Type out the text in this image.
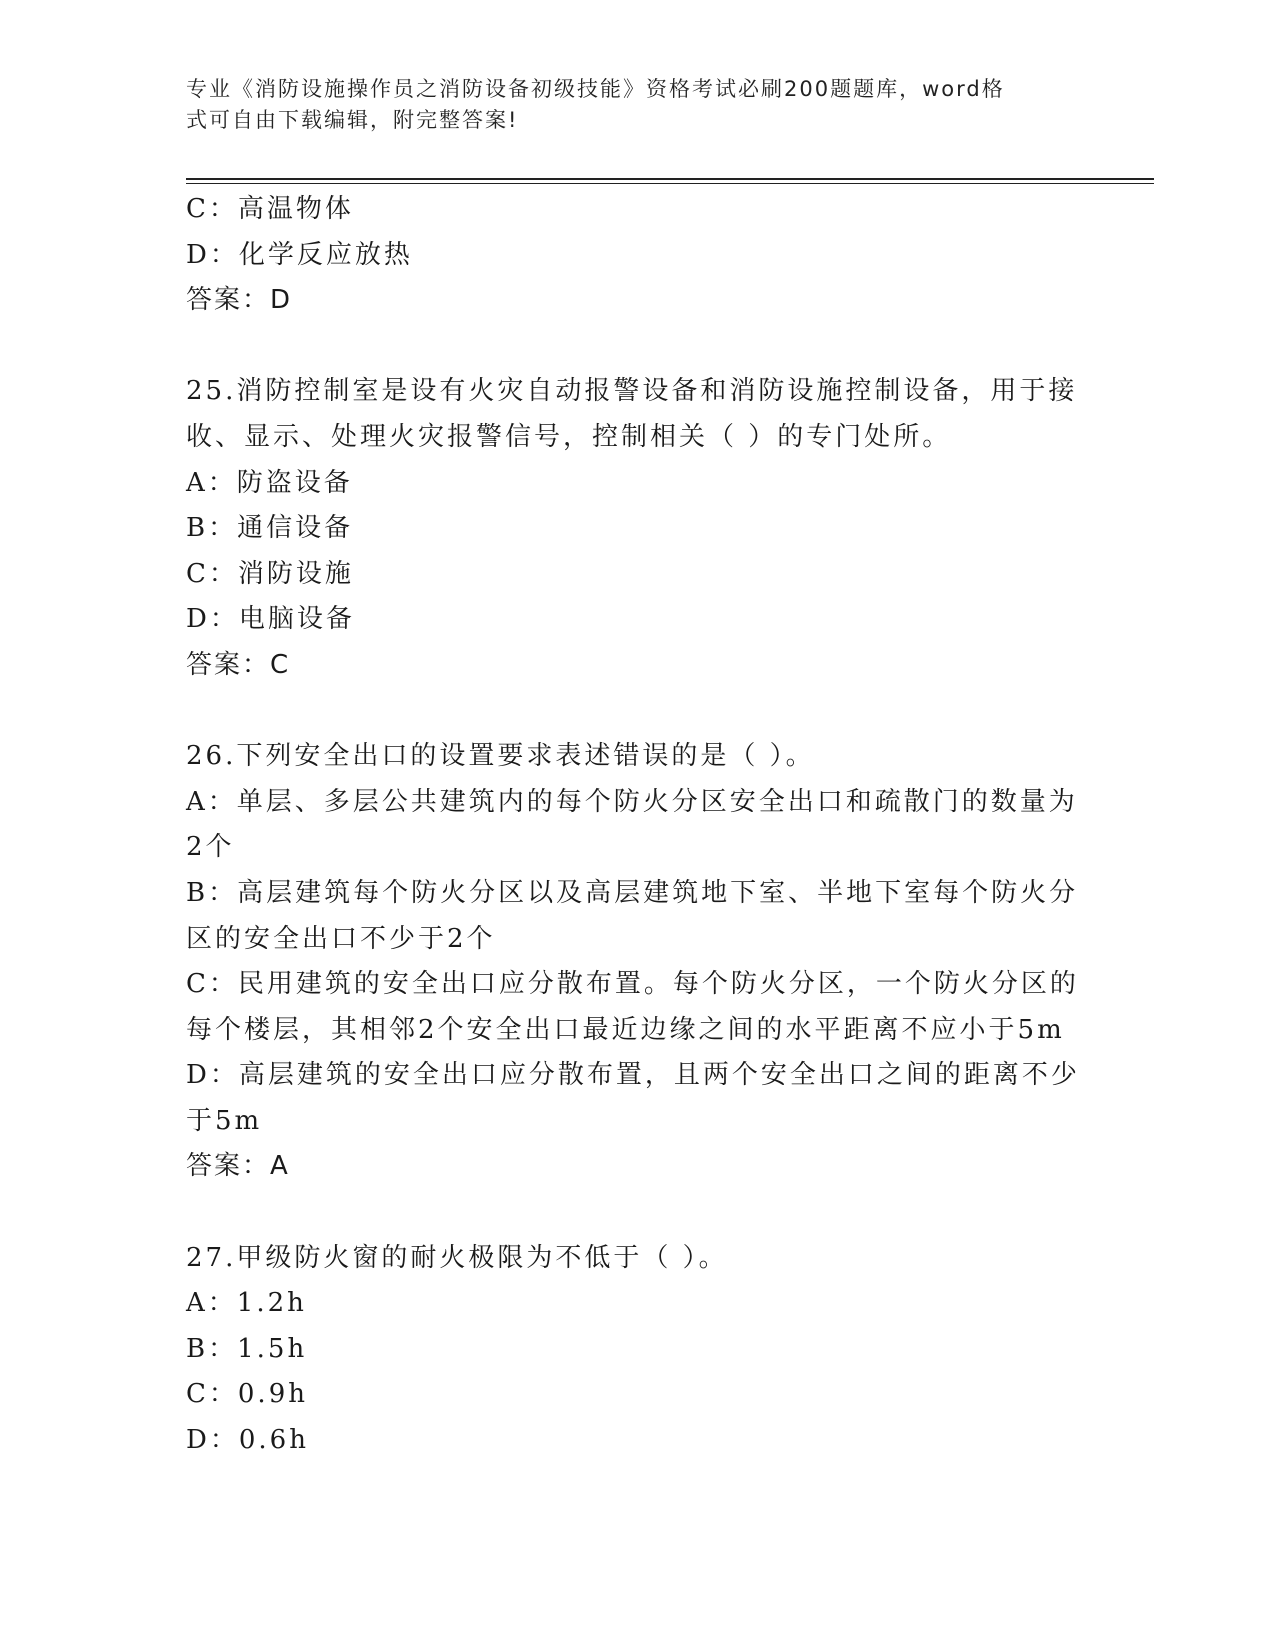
专业《消防设施操作员之消防设备初级技能》资格考试必刷200题题库，word格
式可自由下载编辑，附完整答案!
C：高温物体
D：化学反应放热
答案：D
25.消防控制室是设有火灾自动报警设备和消防设施控制设备，用于接
收、显示、处理火灾报警信号，控制相关（ ）的专门处所。
A：防盗设备
B：通信设备
C：消防设施
D：电脑设备
答案：C
26.下列安全出口的设置要求表述错误的是（ ）。
A：单层、多层公共建筑内的每个防火分区安全出口和疏散门的数量为
2个
B：高层建筑每个防火分区以及高层建筑地下室、半地下室每个防火分
区的安全出口不少于2个
C：民用建筑的安全出口应分散布置。每个防火分区，一个防火分区的
每个楼层，其相邻2个安全出口最近边缘之间的水平距离不应小于5m
D：高层建筑的安全出口应分散布置，且两个安全出口之间的距离不少
于5m
答案：A
27.甲级防火窗的耐火极限为不低于（ ）。
A：1.2h
B：1.5h
C：0.9h
D：0.6h
